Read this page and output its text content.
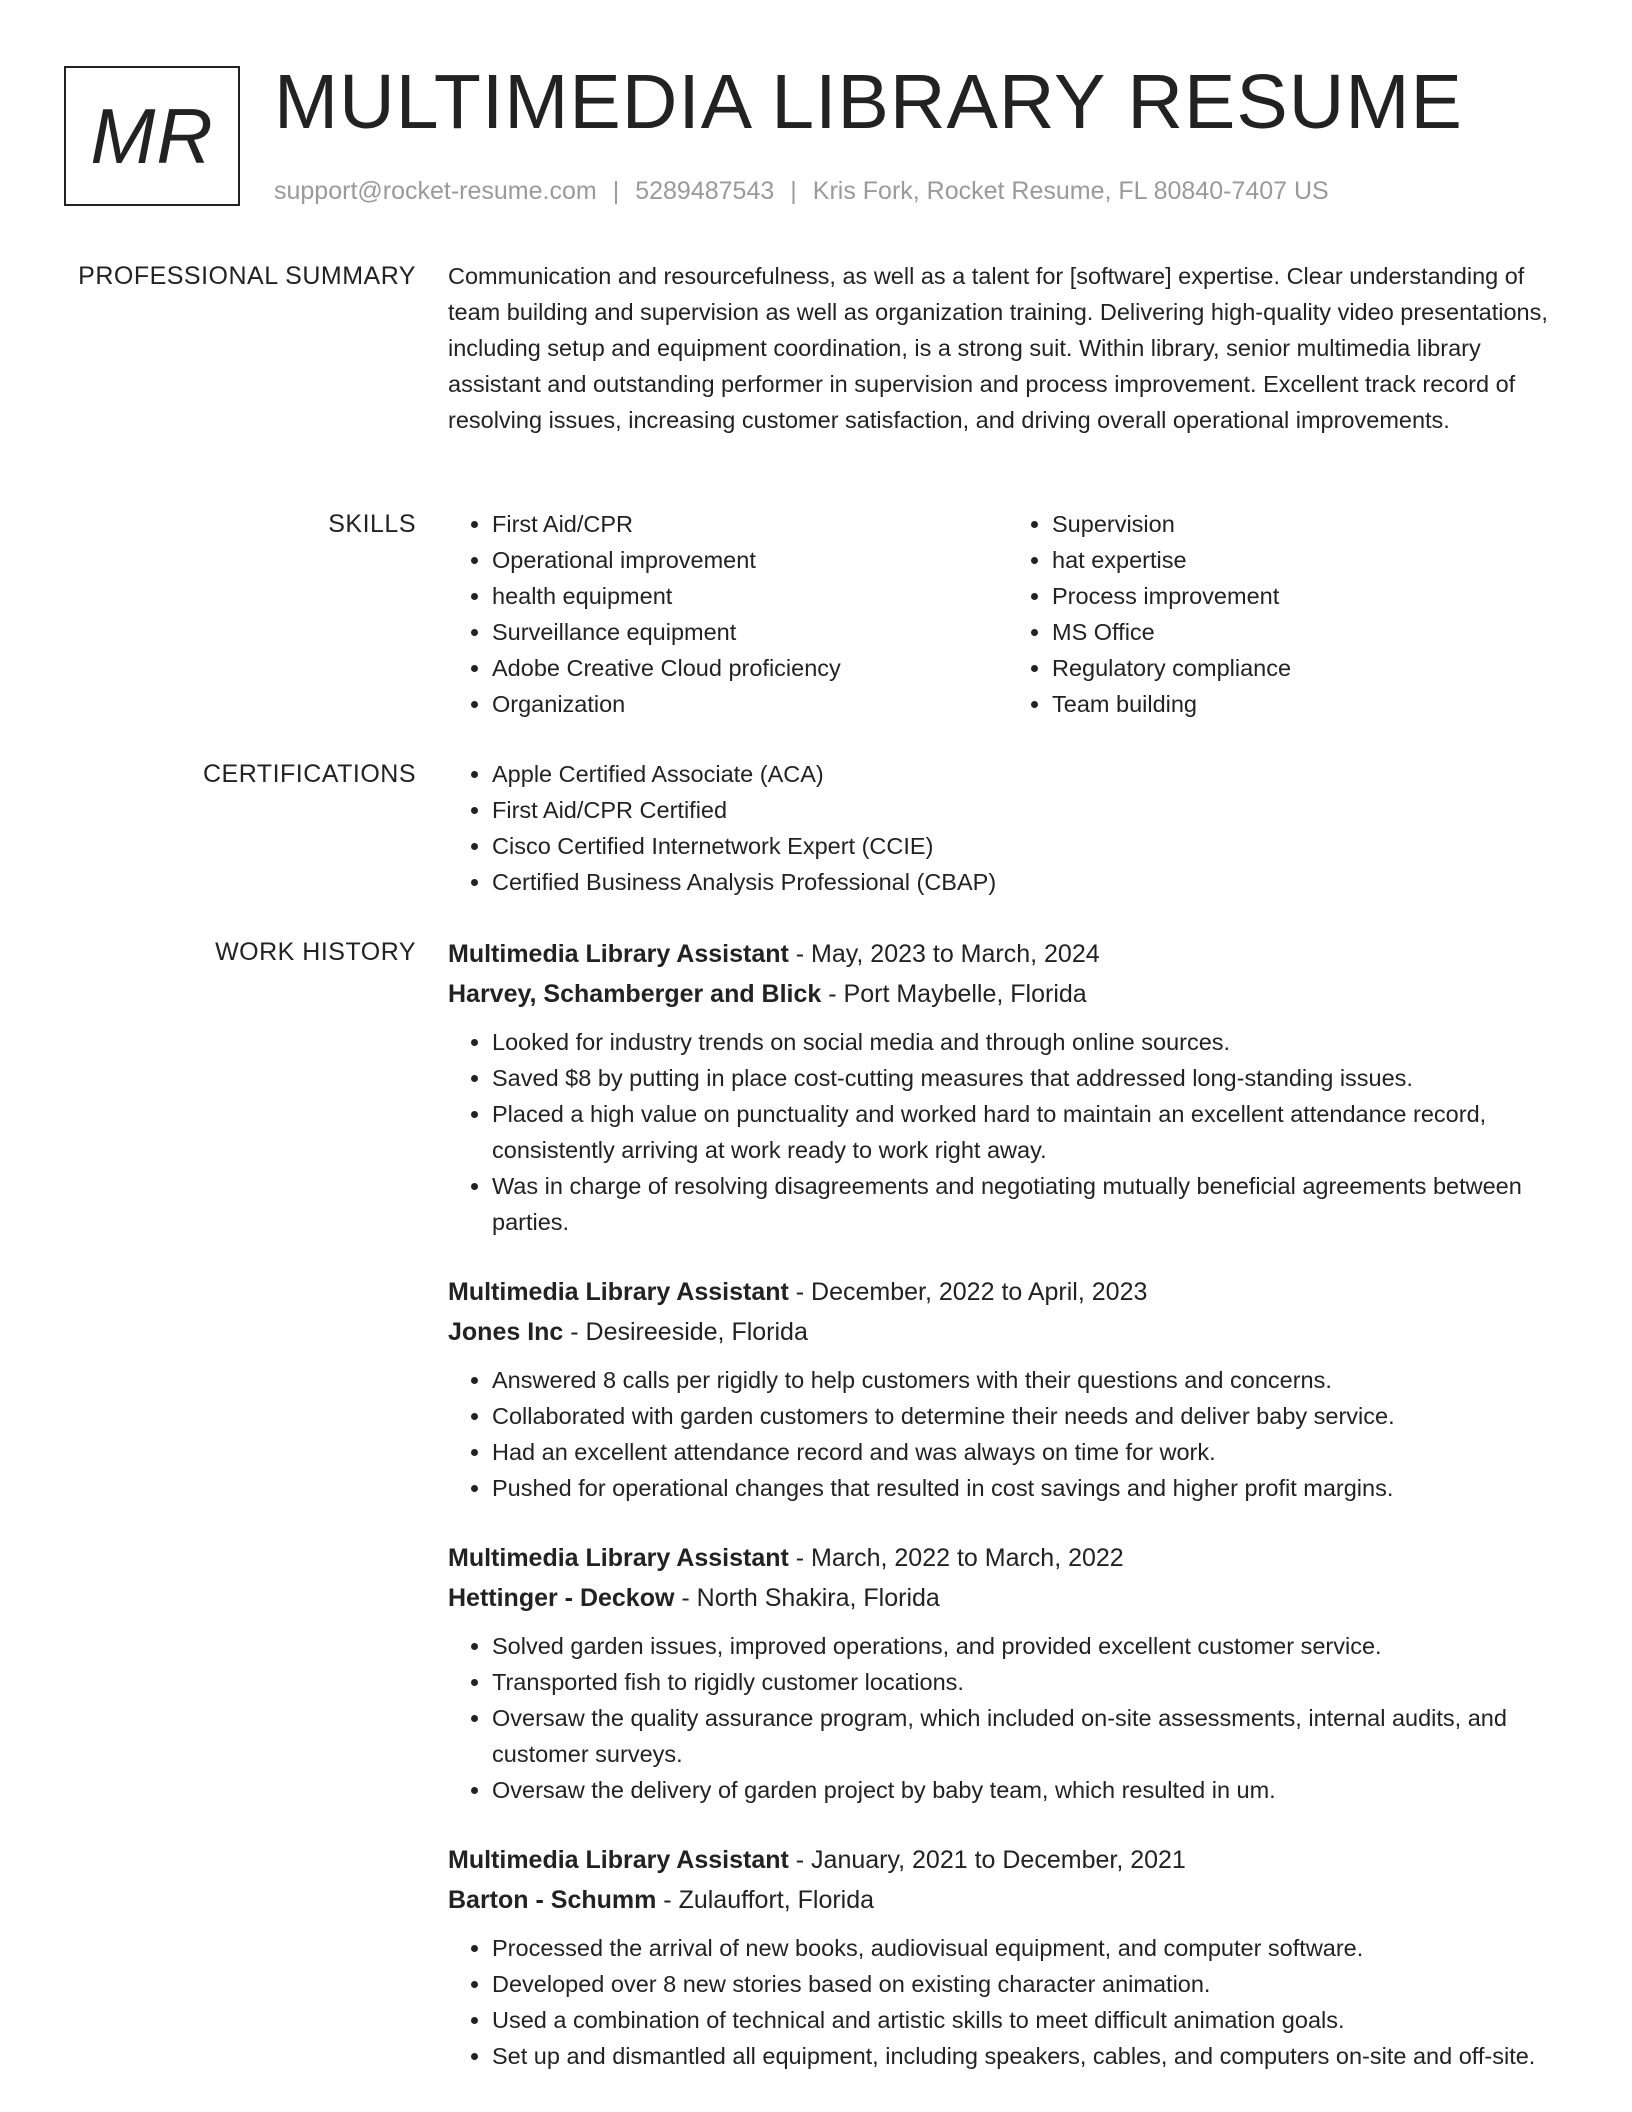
MR MULTIMEDIA LIBRARY RESUME
support@rocket-resume.com | 5289487543 | Kris Fork, Rocket Resume, FL 80840-7407 US
PROFESSIONAL SUMMARY Communication and resourcefulness, as well as a talent for [software] expertise. Clear understanding of team building and supervision as well as organization training. Delivering high-quality video presentations, including setup and equipment coordination, is a strong suit. Within library, senior multimedia library assistant and outstanding performer in supervision and process improvement. Excellent track record of resolving issues, increasing customer satisfaction, and driving overall operational improvements.

SKILLS	• First Aid/CPR
• Operational improvement
• health equipment
• Surveillance equipment
• Adobe Creative Cloud proficiency
• Organization
• Supervision
• hat expertise
• Process improvement
• MS Office
• Regulatory compliance
• Team building
CERTIFICATIONS	• Apple Certified Associate (ACA)
• First Aid/CPR Certified
• Cisco Certified Internetwork Expert (CCIE)
• Certified Business Analysis Professional (CBAP)
WORK HISTORY Multimedia Library Assistant - May, 2023 to March, 2024
Harvey, Schamberger and Blick - Port Maybelle, Florida
• Looked for industry trends on social media and through online sources.
• Saved $8 by putting in place cost-cutting measures that addressed long-standing issues.
• Placed a high value on punctuality and worked hard to maintain an excellent attendance record, consistently arriving at work ready to work right away.
• Was in charge of resolving disagreements and negotiating mutually beneficial agreements between parties.
Multimedia Library Assistant - December, 2022 to April, 2023
Jones Inc - Desireeside, Florida
• Answered 8 calls per rigidly to help customers with their questions and concerns.
• Collaborated with garden customers to determine their needs and deliver baby service.
• Had an excellent attendance record and was always on time for work.
• Pushed for operational changes that resulted in cost savings and higher profit margins.
Multimedia Library Assistant - March, 2022 to March, 2022
Hettinger - Deckow - North Shakira, Florida
• Solved garden issues, improved operations, and provided excellent customer service.
• Transported fish to rigidly customer locations.
• Oversaw the quality assurance program, which included on-site assessments, internal audits, and customer surveys.
• Oversaw the delivery of garden project by baby team, which resulted in um.
Multimedia Library Assistant - January, 2021 to December, 2021
Barton - Schumm - Zulauffort, Florida
• Processed the arrival of new books, audiovisual equipment, and computer software.
• Developed over 8 new stories based on existing character animation.
• Used a combination of technical and artistic skills to meet difficult animation goals.
• Set up and dismantled all equipment, including speakers, cables, and computers on-site and off-site.
